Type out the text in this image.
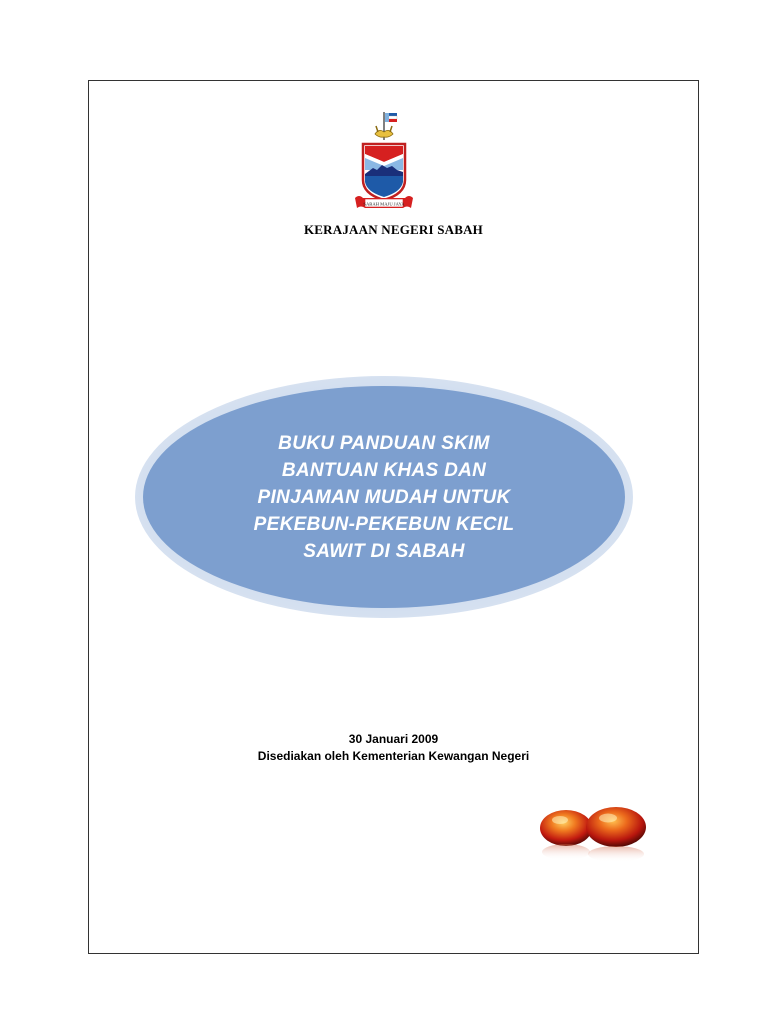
SABAH MAJU JAYA
KERAJAAN NEGERI SABAH
BUKU PANDUAN SKIM
BANTUAN KHAS DAN
PINJAMAN MUDAH UNTUK
PEKEBUN-PEKEBUN KECIL
SAWIT DI SABAH
30 Januari 2009
Disediakan oleh Kementerian Kewangan Negeri
